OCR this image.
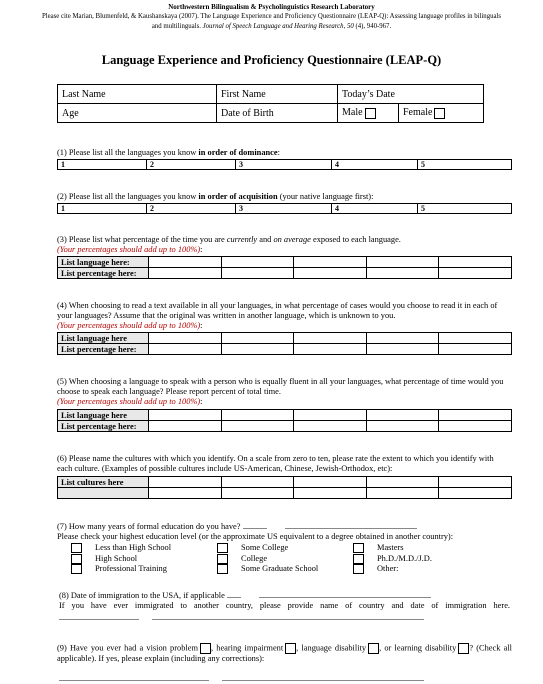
Northwestern Bilingualism & Psycholinguistics Research Laboratory
Please cite Marian, Blumenfeld, & Kaushanskaya (2007). The Language Experience and Proficiency Questionnaire (LEAP-Q): Assessing language profiles in bilinguals and multilinguals. Journal of Speech Language and Hearing Research, 50 (4), 940-967.
Language Experience and Proficiency Questionnaire (LEAP-Q)
Last Name	First Name	Today’s Date	
Age	Date of Birth	Male	Female
(1) Please list all the languages you know in order of dominance:
1	2	3	4	5
(2) Please list all the languages you know in order of acquisition (your native language first):
1	2	3	4	5
(3) Please list what percentage of the time you are currently and on average exposed to each language.
(Your percentages should add up to 100%):
List language here:					
List percentage here:					
(4) When choosing to read a text available in all your languages, in what percentage of cases would you choose to read it in each of
your languages? Assume that the original was written in another language, which is unknown to you.
(Your percentages should add up to 100%):
List language here					
List percentage here:					
(5) When choosing a language to speak with a person who is equally fluent in all your languages, what percentage of time would you
choose to speak each language? Please report percent of total time.
(Your percentages should add up to 100%):
List language here					
List percentage here:					
(6) Please name the cultures with which you identify. On a scale from zero to ten, please rate the extent to which you identify with
each culture. (Examples of possible cultures include US-American, Chinese, Jewish-Orthodox, etc):
List cultures here					

(7) How many years of formal education do you have?
Please check your highest education level (or the approximate US equivalent to a degree obtained in another country):
Less than High School	Some College	Masters
High School	College	Ph.D./M.D./J.D.
Professional Training	Some Graduate School	Other:
(8) Date of immigration to the USA, if applicable
If you have ever immigrated to another country, please provide name of country and date of immigration here.
(9) Have you ever had a vision problem , hearing impairment , language disability , or learning disability ? (Check all
applicable). If yes, please explain (including any corrections):
